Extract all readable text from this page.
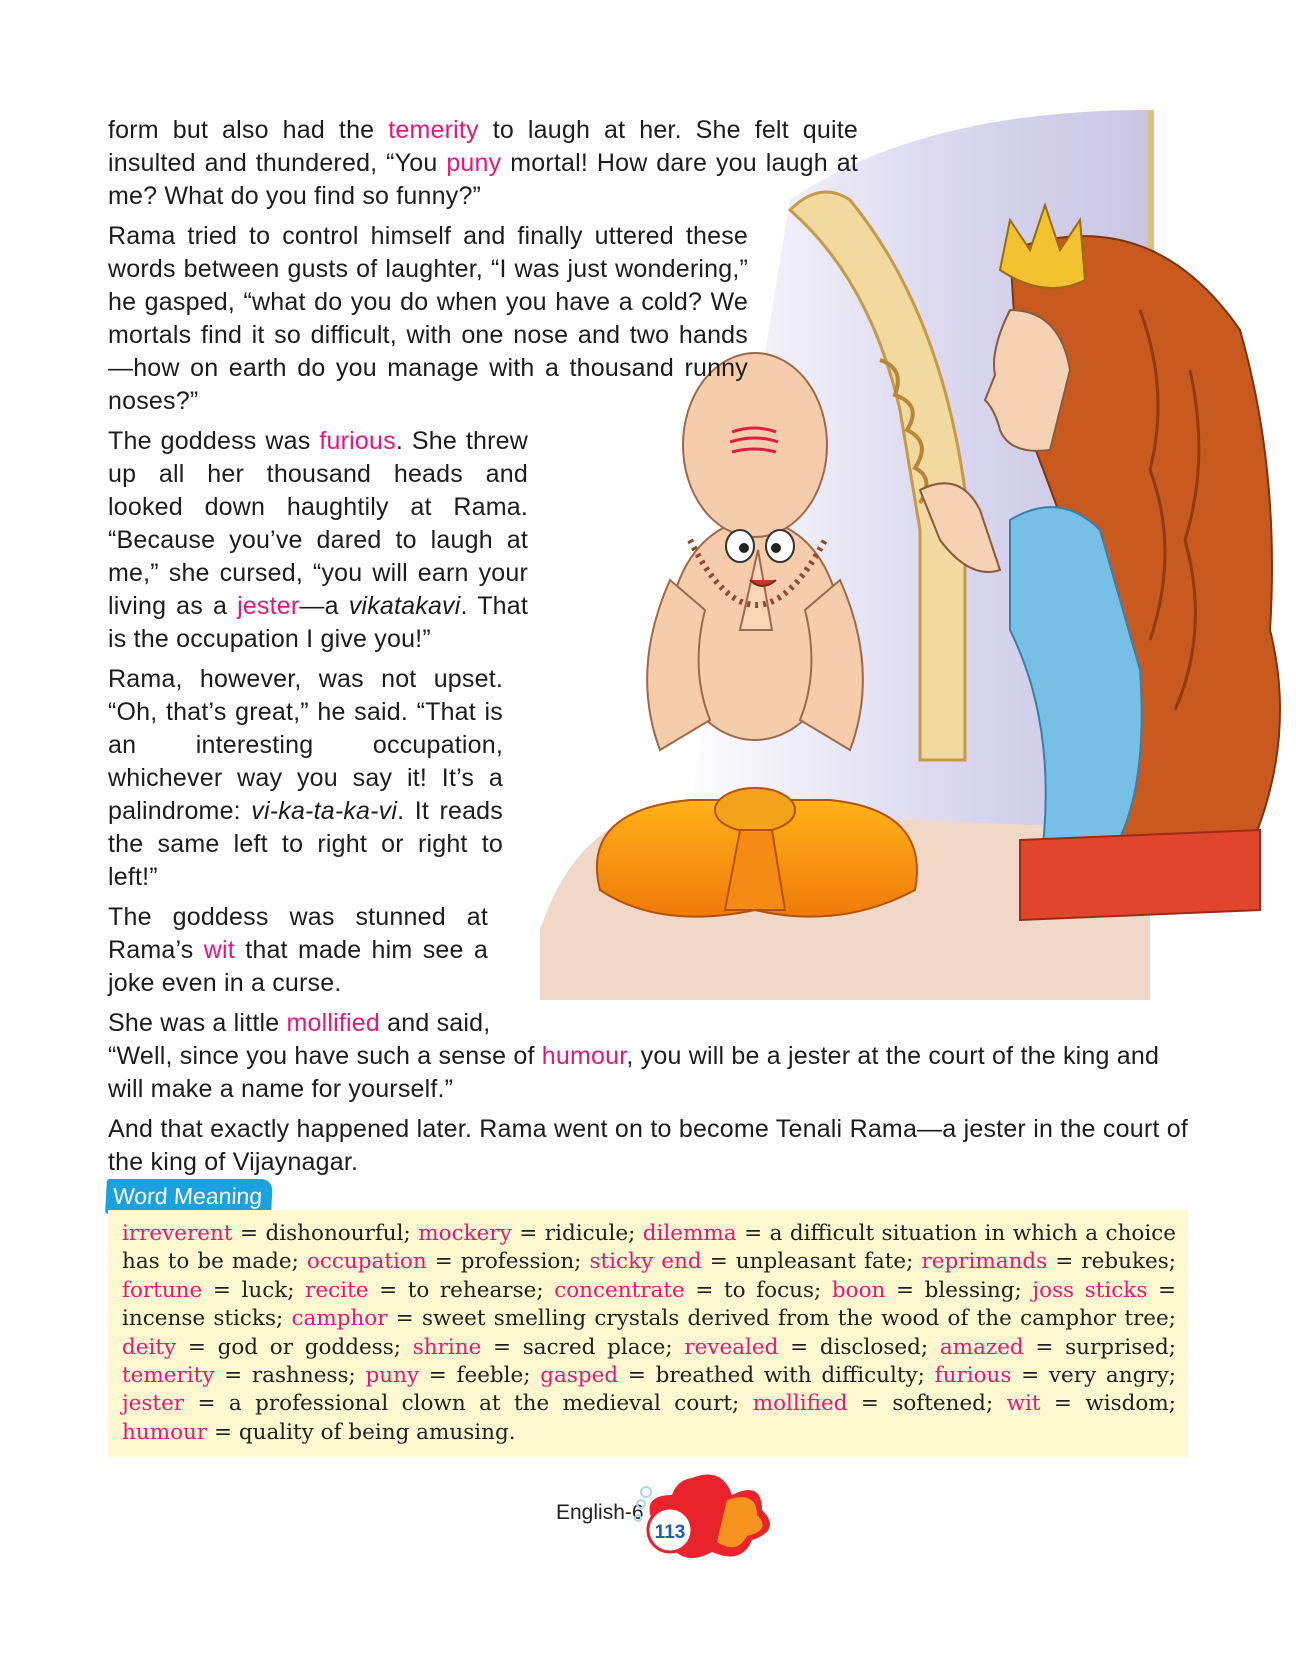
form but also had the temerity to laugh at her. She felt quite insulted and thundered, “You puny mortal! How dare you laugh at me? What do you find so funny?”

Rama tried to control himself and finally uttered these words between gusts of laughter, “I was just wondering,” he gasped, “what do you do when you have a cold? We mortals find it so difficult, with one nose and two hands—how on earth do you manage with a thousand runny noses?”

The goddess was furious. She threw up all her thousand heads and looked down haughtily at Rama. “Because you’ve dared to laugh at me,” she cursed, “you will earn your living as a jester—a vikatakavi. That is the occupation I give you!”

Rama, however, was not upset. “Oh, that’s great,” he said. “That is an interesting occupation, whichever way you say it! It’s a palindrome: vi-ka-ta-ka-vi. It reads the same left to right or right to left!”

The goddess was stunned at Rama’s wit that made him see a joke even in a curse.

She was a little mollified and said,
“Well, since you have such a sense of humour, you will be a jester at the court of the king and will make a name for yourself.”

And that exactly happened later. Rama went on to become Tenali Rama—a jester in the court of the king of Vijaynagar.

Word Meaning
irreverent = dishonourful; mockery = ridicule; dilemma = a difficult situation in which a choice has to be made; occupation = profession; sticky end = unpleasant fate; reprimands = rebukes; fortune = luck; recite = to rehearse; concentrate = to focus; boon = blessing; joss sticks = incense sticks; camphor = sweet smelling crystals derived from the wood of the camphor tree; deity = god or goddess; shrine = sacred place; revealed = disclosed; amazed = surprised; temerity = rashness; puny = feeble; gasped = breathed with difficulty; furious = very angry; jester = a professional clown at the medieval court; mollified = softened; wit = wisdom; humour = quality of being amusing.
English-6
113
